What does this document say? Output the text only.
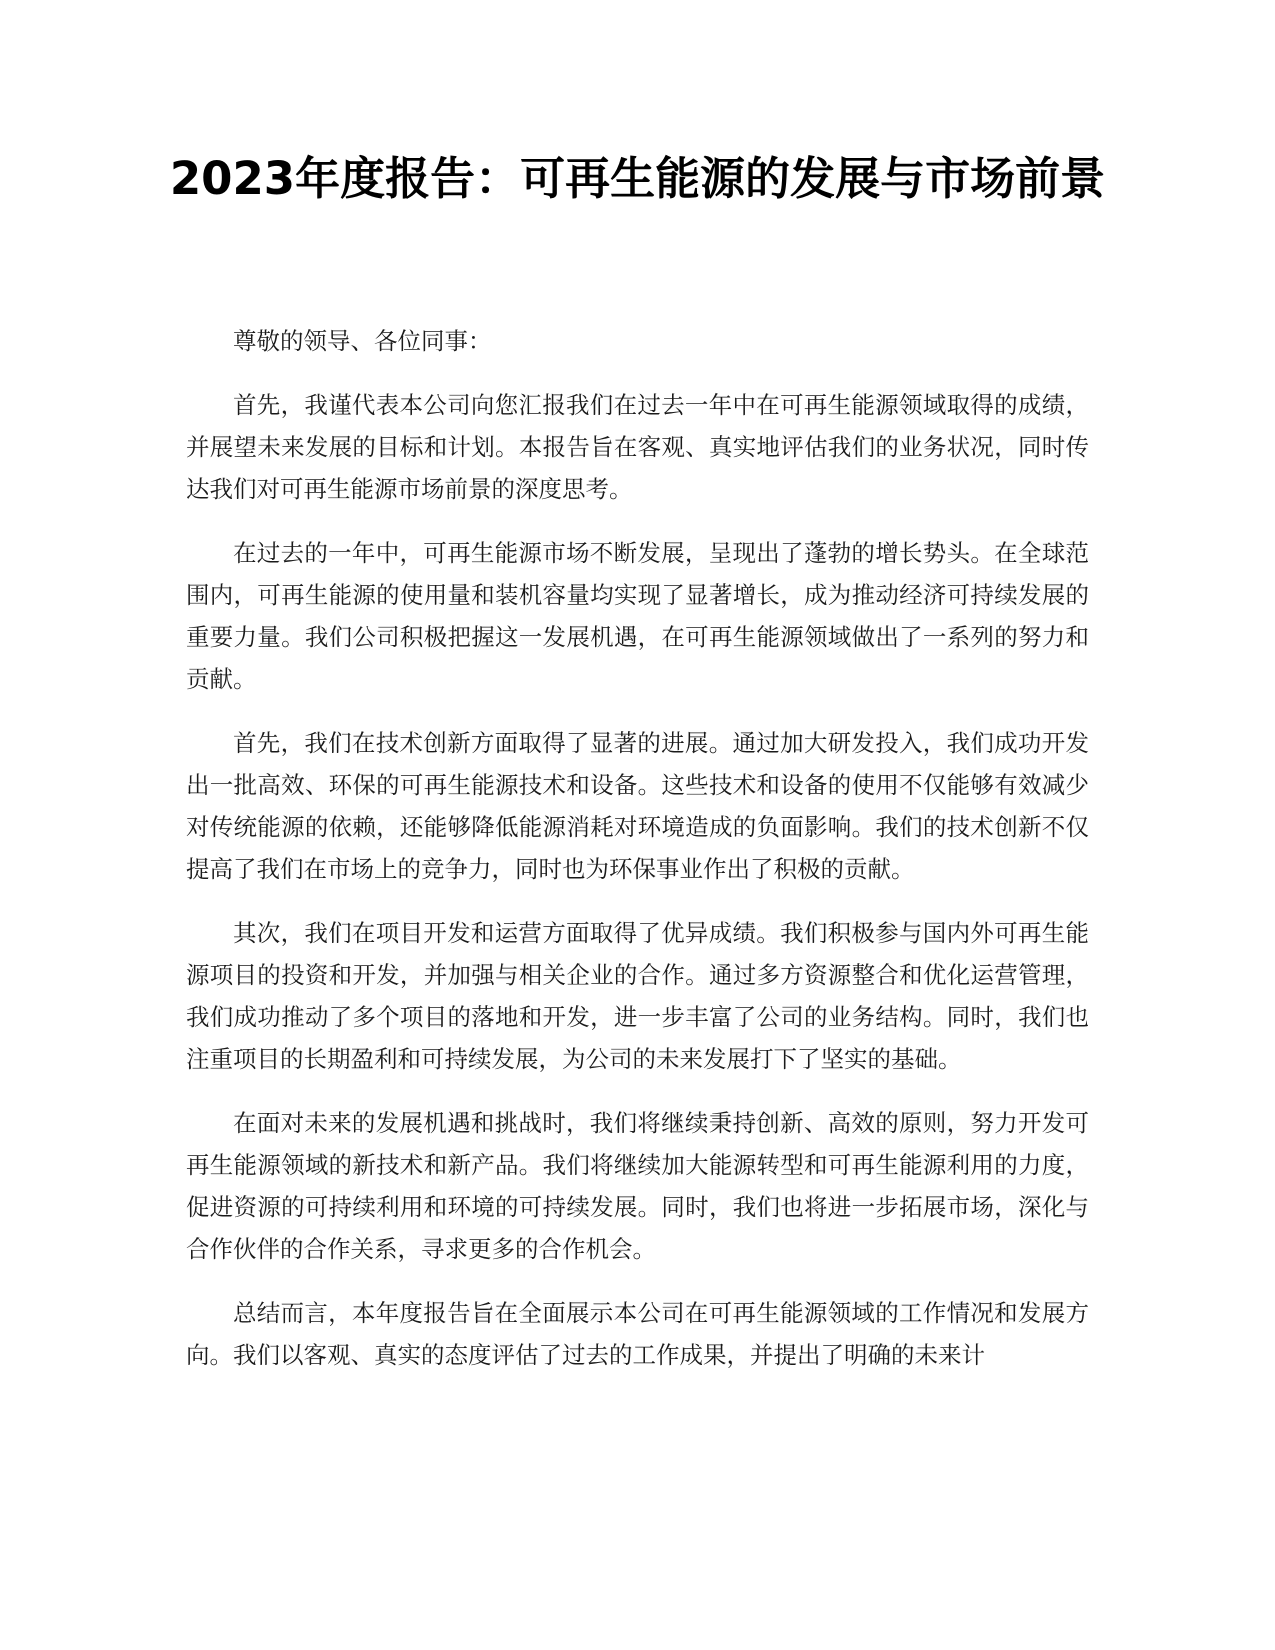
2023年度报告：可再生能源的发展与市场前景

尊敬的领导、各位同事：

首先，我谨代表本公司向您汇报我们在过去一年中在可再生能源领域取得的成绩，并展望未来发展的目标和计划。本报告旨在客观、真实地评估我们的业务状况，同时传达我们对可再生能源市场前景的深度思考。

在过去的一年中，可再生能源市场不断发展，呈现出了蓬勃的增长势头。在全球范围内，可再生能源的使用量和装机容量均实现了显著增长，成为推动经济可持续发展的重要力量。我们公司积极把握这一发展机遇，在可再生能源领域做出了一系列的努力和贡献。

首先，我们在技术创新方面取得了显著的进展。通过加大研发投入，我们成功开发出一批高效、环保的可再生能源技术和设备。这些技术和设备的使用不仅能够有效减少对传统能源的依赖，还能够降低能源消耗对环境造成的负面影响。我们的技术创新不仅提高了我们在市场上的竞争力，同时也为环保事业作出了积极的贡献。

其次，我们在项目开发和运营方面取得了优异成绩。我们积极参与国内外可再生能源项目的投资和开发，并加强与相关企业的合作。通过多方资源整合和优化运营管理，我们成功推动了多个项目的落地和开发，进一步丰富了公司的业务结构。同时，我们也注重项目的长期盈利和可持续发展，为公司的未来发展打下了坚实的基础。

在面对未来的发展机遇和挑战时，我们将继续秉持创新、高效的原则，努力开发可再生能源领域的新技术和新产品。我们将继续加大能源转型和可再生能源利用的力度，促进资源的可持续利用和环境的可持续发展。同时，我们也将进一步拓展市场，深化与合作伙伴的合作关系，寻求更多的合作机会。

总结而言，本年度报告旨在全面展示本公司在可再生能源领域的工作情况和发展方向。我们以客观、真实的态度评估了过去的工作成果，并提出了明确的未来计
